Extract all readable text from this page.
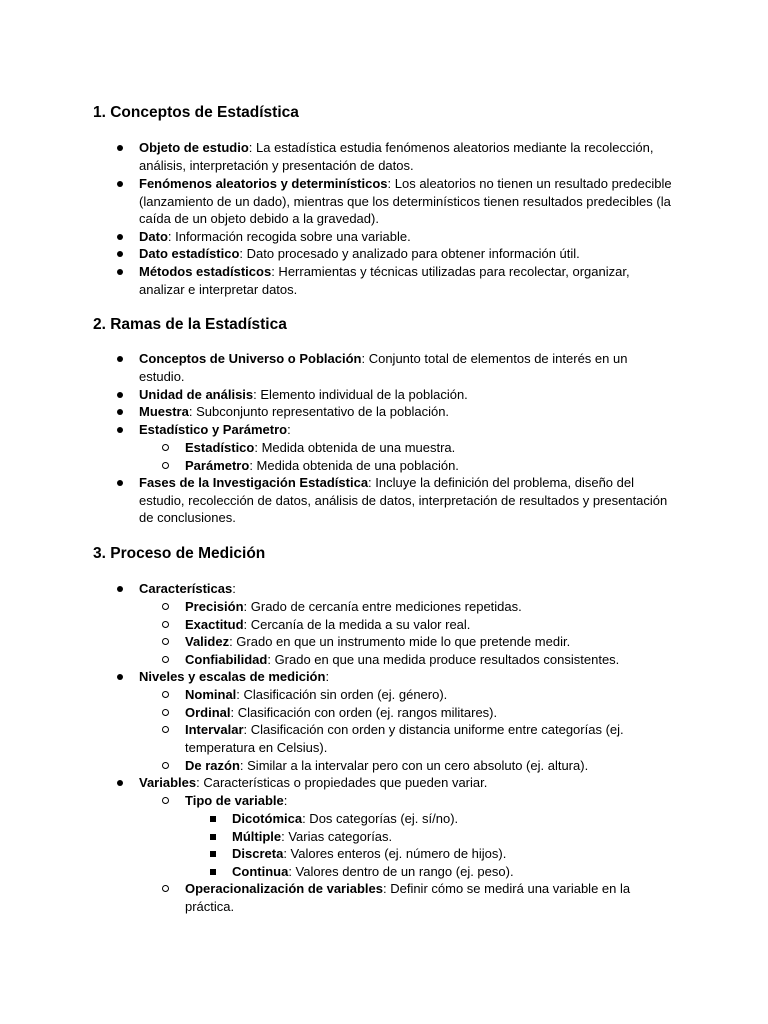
1. Conceptos de Estadística
Objeto de estudio: La estadística estudia fenómenos aleatorios mediante la recolección, análisis, interpretación y presentación de datos.
Fenómenos aleatorios y determinísticos: Los aleatorios no tienen un resultado predecible (lanzamiento de un dado), mientras que los determinísticos tienen resultados predecibles (la caída de un objeto debido a la gravedad).
Dato: Información recogida sobre una variable.
Dato estadístico: Dato procesado y analizado para obtener información útil.
Métodos estadísticos: Herramientas y técnicas utilizadas para recolectar, organizar, analizar e interpretar datos.
2. Ramas de la Estadística
Conceptos de Universo o Población: Conjunto total de elementos de interés en un estudio.
Unidad de análisis: Elemento individual de la población.
Muestra: Subconjunto representativo de la población.
Estadístico y Parámetro:
Estadístico: Medida obtenida de una muestra.
Parámetro: Medida obtenida de una población.
Fases de la Investigación Estadística: Incluye la definición del problema, diseño del estudio, recolección de datos, análisis de datos, interpretación de resultados y presentación de conclusiones.
3. Proceso de Medición
Características:
Precisión: Grado de cercanía entre mediciones repetidas.
Exactitud: Cercanía de la medida a su valor real.
Validez: Grado en que un instrumento mide lo que pretende medir.
Confiabilidad: Grado en que una medida produce resultados consistentes.
Niveles y escalas de medición:
Nominal: Clasificación sin orden (ej. género).
Ordinal: Clasificación con orden (ej. rangos militares).
Intervalar: Clasificación con orden y distancia uniforme entre categorías (ej. temperatura en Celsius).
De razón: Similar a la intervalar pero con un cero absoluto (ej. altura).
Variables: Características o propiedades que pueden variar.
Tipo de variable:
Dicotómica: Dos categorías (ej. sí/no).
Múltiple: Varias categorías.
Discreta: Valores enteros (ej. número de hijos).
Continua: Valores dentro de un rango (ej. peso).
Operacionalización de variables: Definir cómo se medirá una variable en la práctica.
